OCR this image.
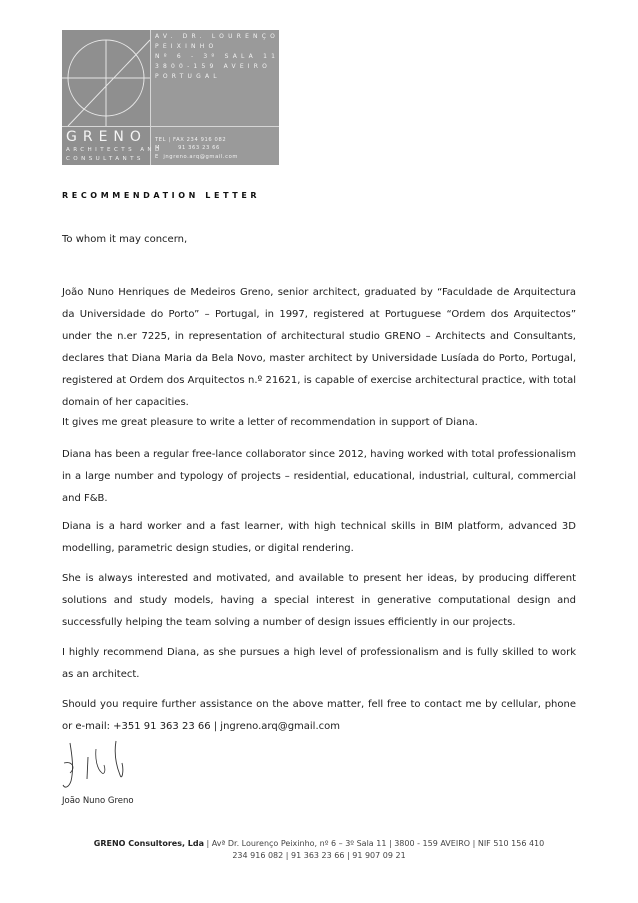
AV. DR. LOURENÇO
PEIXINHO
Nº 6 - 3º SALA 11
3800-159 AVEIRO
PORTUGAL
GRENO
ARCHITECTS AND
CONSULTANTS
TEL | FAX 234 916 082
M        91 363 23 66
E  jngreno.arq@gmail.com
RECOMMENDATION LETTER
To whom it may concern,

João Nuno Henriques de Medeiros Greno, senior architect, graduated by “Faculdade de Arquitectura da Universidade do Porto” – Portugal, in 1997, registered at Portuguese “Ordem dos Arquitectos” under the n.er 7225, in representation of architectural studio GRENO – Architects and Consultants, declares that Diana Maria da Bela Novo, master architect by Universidade Lusíada do Porto, Portugal, registered at Ordem dos Arquitectos n.º 21621, is capable of exercise architectural practice, with total domain of her capacities.

It gives me great pleasure to write a letter of recommendation in support of Diana.

Diana has been a regular free-lance collaborator since 2012, having worked with total professionalism in a large number and typology of projects – residential, educational, industrial, cultural, commercial and F&B.

Diana is a hard worker and a fast learner, with high technical skills in BIM platform, advanced 3D modelling, parametric design studies, or digital rendering.

She is always interested and motivated, and available to present her ideas, by producing different solutions and study models, having a special interest in generative computational design and successfully helping the team solving a number of design issues efficiently in our projects.

I highly recommend Diana, as she pursues a high level of professionalism and is fully skilled to work as an architect.

Should you require further assistance on the above matter, fell free to contact me by cellular, phone or e-mail: +351 91 363 23 66 | jngreno.arq@gmail.com

João Nuno Greno
GRENO Consultores, Lda | Avª Dr. Lourenço Peixinho, nº 6 – 3º Sala 11 | 3800 - 159 AVEIRO | NIF 510 156 410
234 916 082 | 91 363 23 66 | 91 907 09 21
